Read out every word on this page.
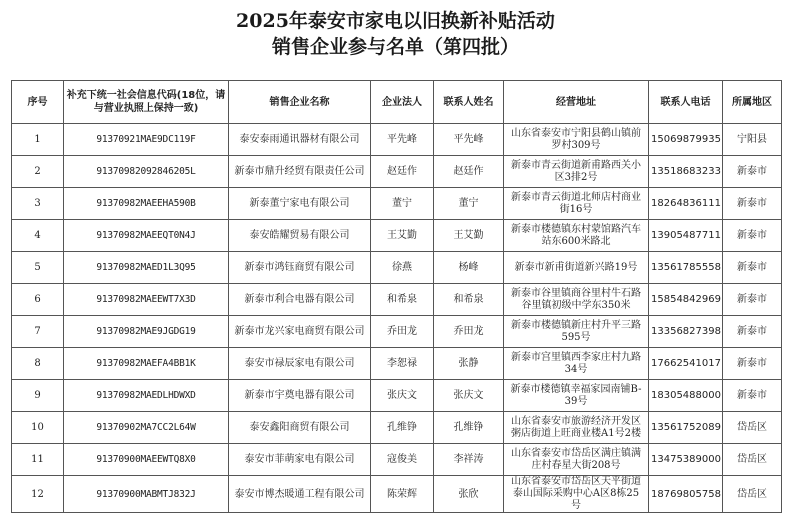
2025年泰安市家电以旧换新补贴活动
销售企业参与名单（第四批）
序号	补充下统一社会信息代码(18位，请与营业执照上保持一致)	销售企业名称	企业法人	联系人姓名	经营地址	联系人电话	所属地区
1	91370921MAE9DC119F	泰安泰雨通讯器材有限公司	平先峰	平先峰	山东省泰安市宁阳县鹤山镇前罗村309号	15069879935	宁阳县
2	91370982092846205L	新泰市鼎升经贸有限责任公司	赵廷作	赵廷作	新泰市青云街道新甫路西关小区3排2号	13518683233	新泰市
3	91370982MAEEHA590B	新泰董宁家电有限公司	董宁	董宁	新泰市青云街道北师店村商业街16号	18264836111	新泰市
4	91370982MAEEQT0N4J	泰安皓耀贸易有限公司	王艾勤	王艾勤	新泰市楼德镇东村蒙馆路汽车站东600米路北	13905487711	新泰市
5	91370982MAED1L3Q95	新泰市鸿钰商贸有限公司	徐燕	杨峰	新泰市新甫街道新兴路19号	13561785558	新泰市
6	91370982MAEEWT7X3D	新泰市利合电器有限公司	和希泉	和希泉	新泰市谷里镇商谷里村牛石路谷里镇初级中学东350米	15854842969	新泰市
7	91370982MAE9JGDG19	新泰市龙兴家电商贸有限公司	乔田龙	乔田龙	新泰市楼德镇新庄村升平三路595号	13356827398	新泰市
8	91370982MAEFA4BB1K	泰安市禄辰家电有限公司	李恕禄	张静	新泰市宫里镇西李家庄村九路34号	17662541017	新泰市
9	91370982MAEDLHDWXD	新泰市宇奠电器有限公司	张庆文	张庆文	新泰市楼德镇幸福家园南铺B-39号	18305488000	新泰市
10	91370902MA7CC2L64W	泰安鑫阳商贸有限公司	孔维铮	孔维铮	山东省泰安市旅游经济开发区粥店街道上旺商业楼A1号2楼	13561752089	岱岳区
11	91370900MAEEWTQ8X0	泰安市菲萌家电有限公司	寇俊美	李祥涛	山东省泰安市岱岳区满庄镇满庄村春星大街208号	13475389000	岱岳区
12	91370900MABMTJ832J	泰安市博杰暖通工程有限公司	陈荣辉	张欣	山东省泰安市岱岳区天平街道泰山国际采购中心A区8栋25号	18769805758	岱岳区
